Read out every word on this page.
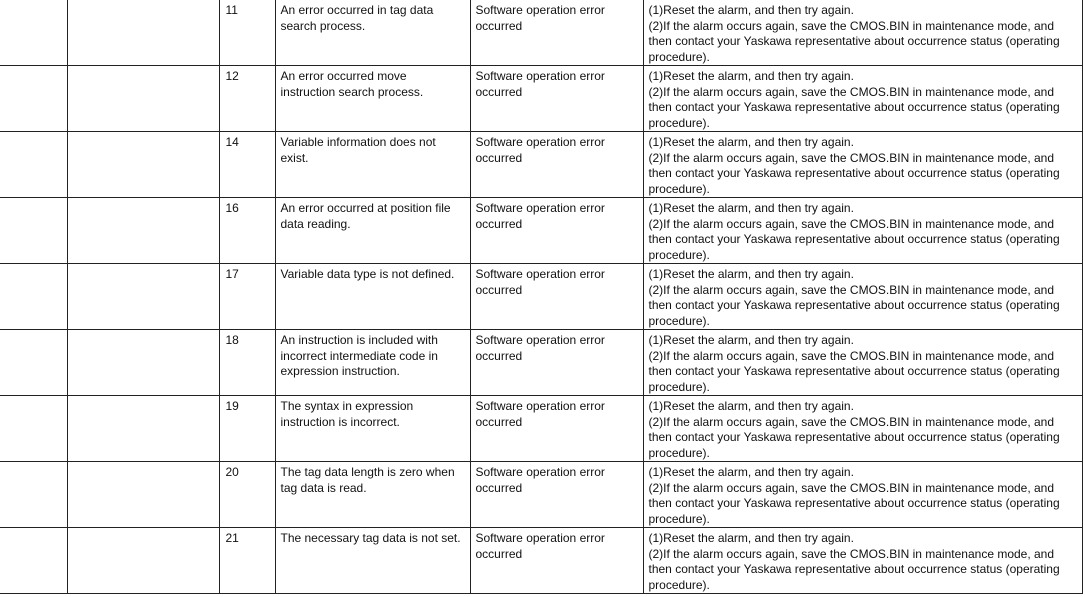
		11	An error occurred in tag data search process.	Software operation error occurred	(1)Reset the alarm, and then try again.
(2)If the alarm occurs again, save the CMOS.BIN in maintenance mode, and then contact your Yaskawa representative about occurrence status (operating procedure).

		12	An error occurred move instruction search process.	Software operation error occurred	(1)Reset the alarm, and then try again.
(2)If the alarm occurs again, save the CMOS.BIN in maintenance mode, and then contact your Yaskawa representative about occurrence status (operating procedure).

		14	Variable information does not exist.	Software operation error occurred	(1)Reset the alarm, and then try again.
(2)If the alarm occurs again, save the CMOS.BIN in maintenance mode, and then contact your Yaskawa representative about occurrence status (operating procedure).

		16	An error occurred at position file data reading.	Software operation error occurred	(1)Reset the alarm, and then try again.
(2)If the alarm occurs again, save the CMOS.BIN in maintenance mode, and then contact your Yaskawa representative about occurrence status (operating procedure).

		17	Variable data type is not defined.	Software operation error occurred	(1)Reset the alarm, and then try again.
(2)If the alarm occurs again, save the CMOS.BIN in maintenance mode, and then contact your Yaskawa representative about occurrence status (operating procedure).

		18	An instruction is included with incorrect intermediate code in expression instruction.	Software operation error occurred	(1)Reset the alarm, and then try again.
(2)If the alarm occurs again, save the CMOS.BIN in maintenance mode, and then contact your Yaskawa representative about occurrence status (operating procedure).

		19	The syntax in expression instruction is incorrect.	Software operation error occurred	(1)Reset the alarm, and then try again.
(2)If the alarm occurs again, save the CMOS.BIN in maintenance mode, and then contact your Yaskawa representative about occurrence status (operating procedure).

		20	The tag data length is zero when tag data is read.	Software operation error occurred	(1)Reset the alarm, and then try again.
(2)If the alarm occurs again, save the CMOS.BIN in maintenance mode, and then contact your Yaskawa representative about occurrence status (operating procedure).

		21	The necessary tag data is not set.	Software operation error occurred	(1)Reset the alarm, and then try again.
(2)If the alarm occurs again, save the CMOS.BIN in maintenance mode, and then contact your Yaskawa representative about occurrence status (operating procedure).
